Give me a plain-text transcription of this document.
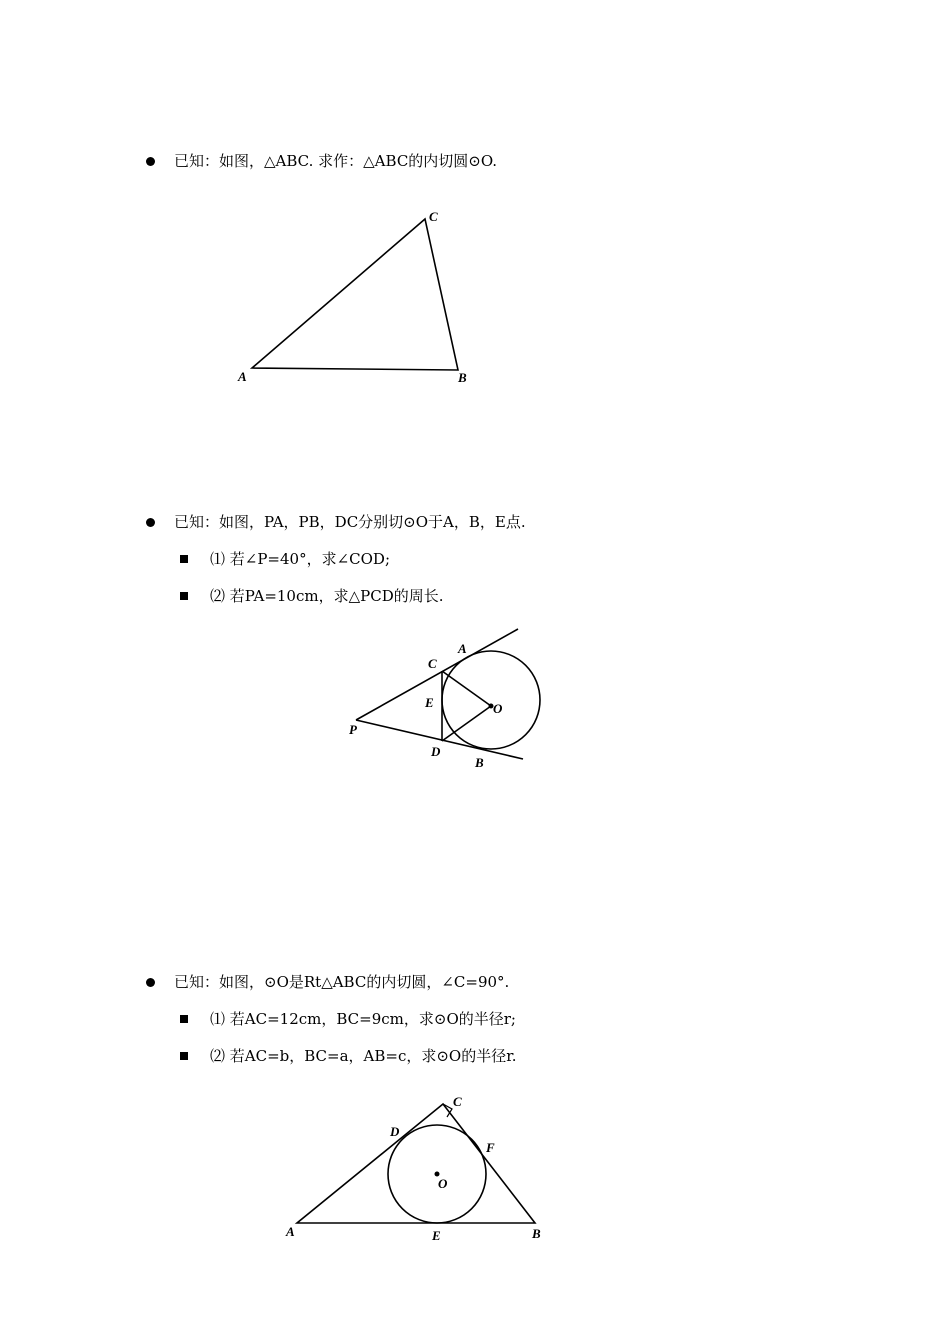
已知：如图，△ABC. 求作：△ABC的内切圆⊙O.
已知：如图，PA，PB，DC分别切⊙O于A，B，E点.
⑴ 若∠P=40°，求∠COD;
⑵ 若PA=10cm，求△PCD的周长.
已知：如图，⊙O是Rt△ABC的内切圆，∠C=90°.
⑴ 若AC=12cm，BC=9cm，求⊙O的半径r;
⑵ 若AC=b，BC=a，AB=c，求⊙O的半径r.
A	B
C
A
B
C
D
E	O
P
A	B
C
D
E
F
O
